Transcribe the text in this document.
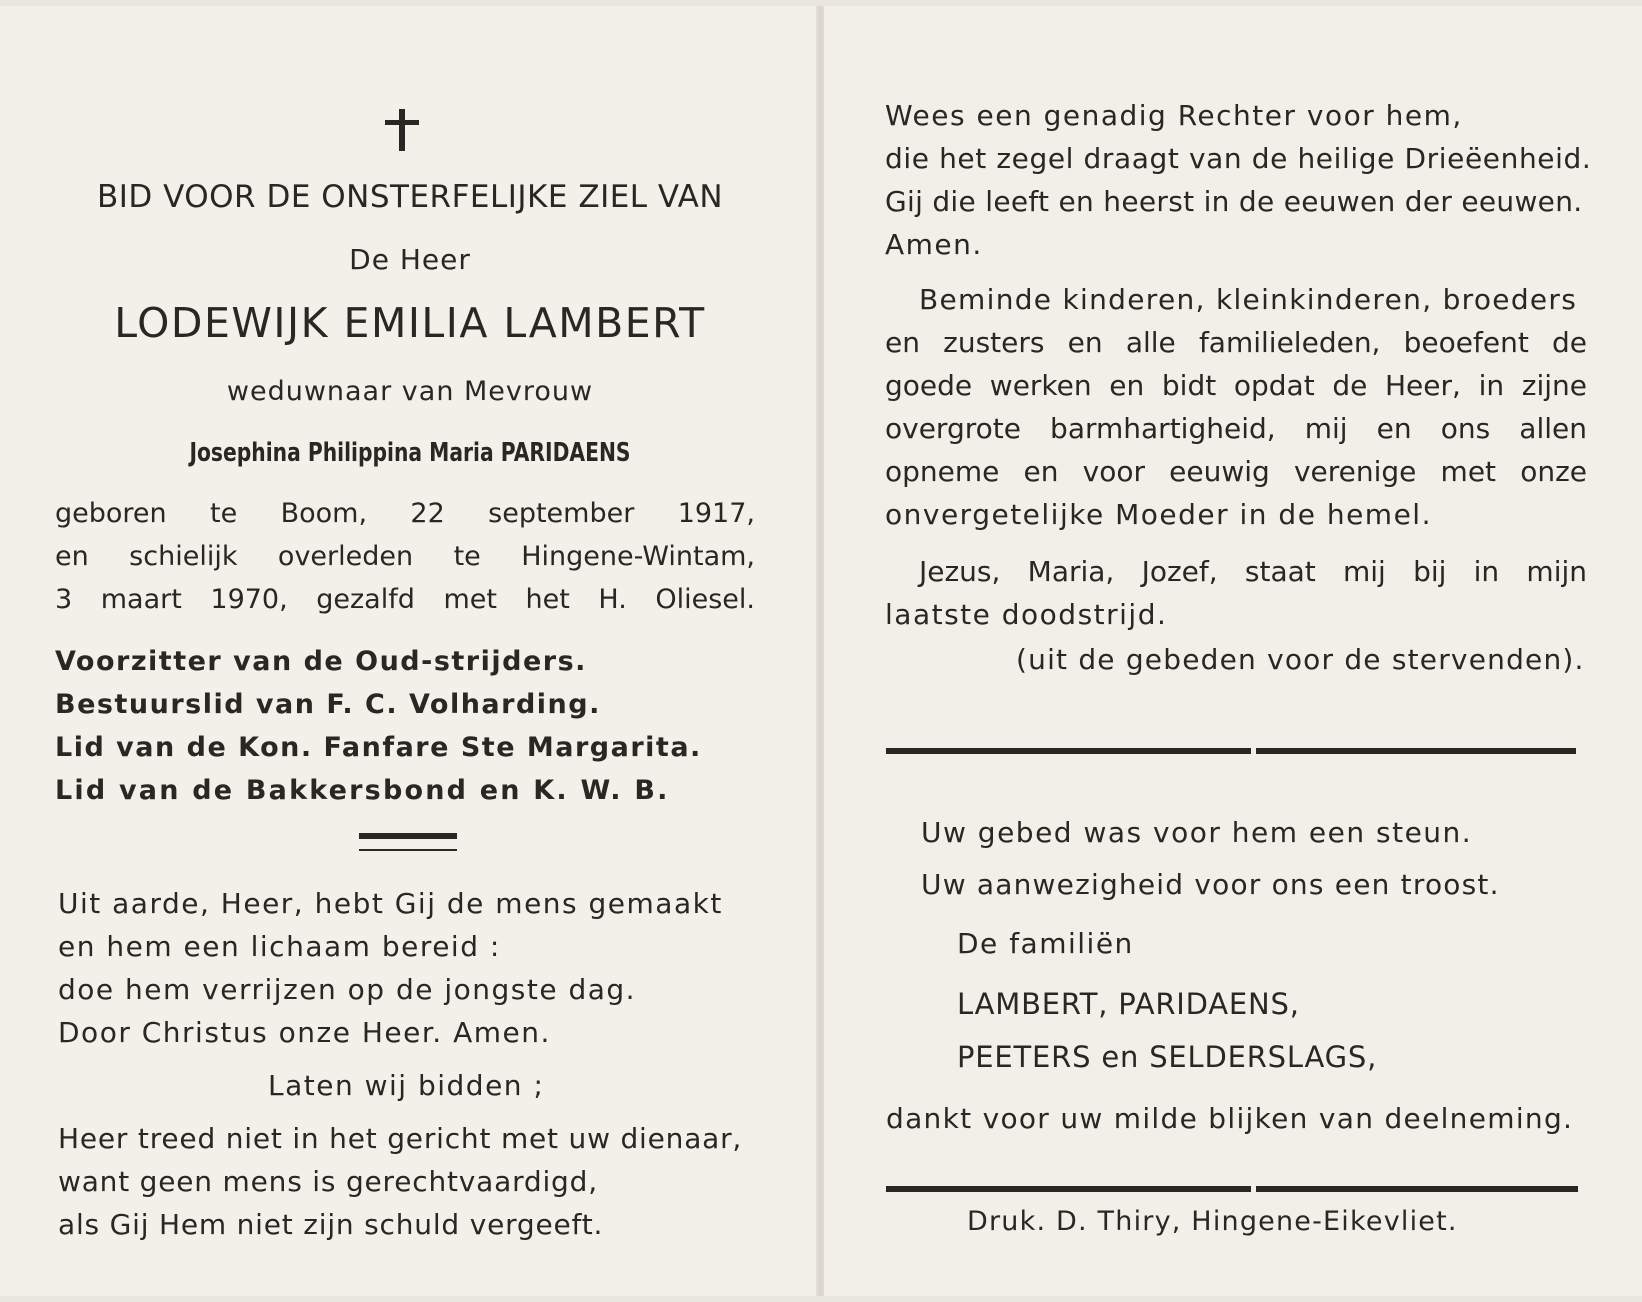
BID VOOR DE ONSTERFELIJKE ZIEL VAN
De Heer
LODEWIJK EMILIA LAMBERT
weduwnaar van Mevrouw
Josephina Philippina Maria PARIDAENS
geboren te Boom, 22 september 1917,
en schielijk overleden te Hingene-Wintam,
3 maart 1970, gezalfd met het H. Oliesel.
Voorzitter van de Oud-strijders.
Bestuurslid van F. C. Volharding.
Lid van de Kon. Fanfare Ste Margarita.
Lid van de Bakkersbond en K. W. B.
Uit aarde, Heer, hebt Gij de mens gemaakt
en hem een lichaam bereid :
doe hem verrijzen op de jongste dag.
Door Christus onze Heer. Amen.
Laten wij bidden ;
Heer treed niet in het gericht met uw dienaar,
want geen mens is gerechtvaardigd,
als Gij Hem niet zijn schuld vergeeft.
Wees een genadig Rechter voor hem,
die het zegel draagt van de heilige Drieëenheid.
Gij die leeft en heerst in de eeuwen der eeuwen.
Amen.
Beminde kinderen, kleinkinderen, broeders
en zusters en alle familieleden, beoefent de
goede werken en bidt opdat de Heer, in zijne
overgrote barmhartigheid, mij en ons allen
opneme en voor eeuwig verenige met onze
onvergetelijke Moeder in de hemel.
Jezus, Maria, Jozef, staat mij bij in mijn
laatste doodstrijd.
(uit de gebeden voor de stervenden).
Uw gebed was voor hem een steun.
Uw aanwezigheid voor ons een troost.
De familiën
LAMBERT, PARIDAENS,
PEETERS en SELDERSLAGS,
dankt voor uw milde blijken van deelneming.
Druk. D. Thiry, Hingene-Eikevliet.
